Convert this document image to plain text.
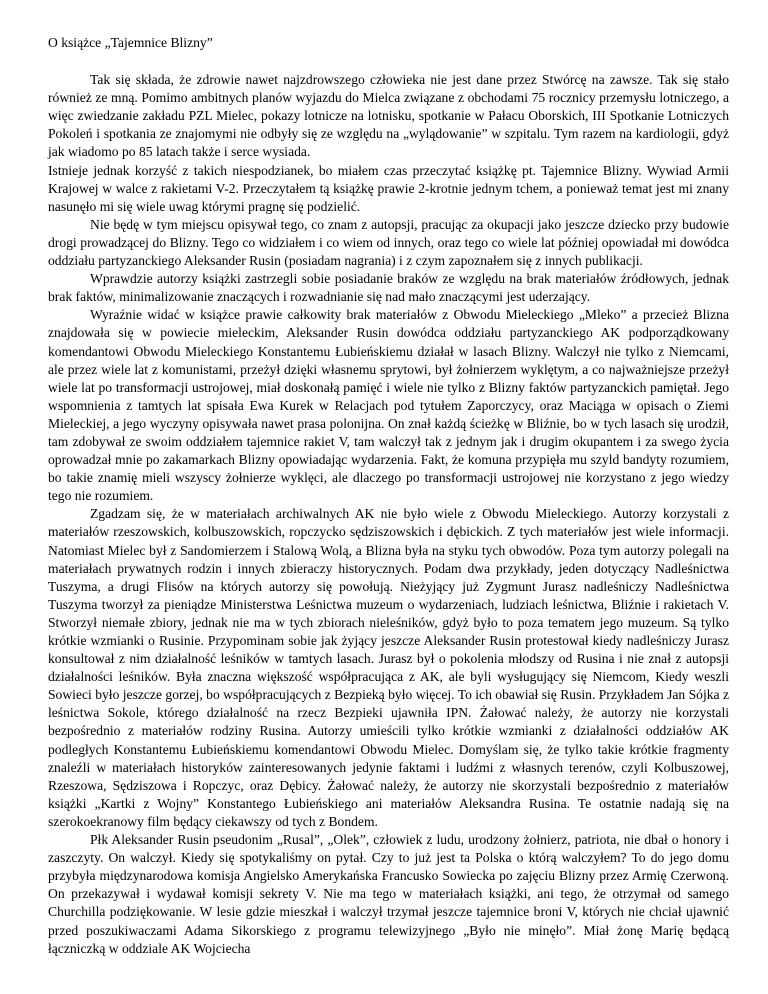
O książce „Tajemnice Blizny”

Tak się składa, że zdrowie nawet najzdrowszego człowieka nie jest dane przez Stwórcę na zawsze. Tak się stało również ze mną. Pomimo ambitnych planów wyjazdu do Mielca związane z obchodami 75 rocznicy przemysłu lotniczego, a więc zwiedzanie zakładu PZL Mielec, pokazy lotnicze na lotnisku, spotkanie w Pałacu Oborskich, III Spotkanie Lotniczych Pokoleń i spotkania ze znajomymi nie odbyły się ze względu na „wylądowanie” w szpitalu. Tym razem na kardiologii, gdyż jak wiadomo po 85 latach także i serce wysiada.

Istnieje jednak korzyść z takich niespodzianek, bo miałem czas przeczytać książkę pt. Tajemnice Blizny. Wywiad Armii Krajowej w walce z rakietami V-2. Przeczytałem tą książkę prawie 2-krotnie jednym tchem, a ponieważ temat jest mi znany nasunęło mi się wiele uwag którymi pragnę się podzielić.

Nie będę w tym miejscu opisywał tego, co znam z autopsji, pracując za okupacji jako jeszcze dziecko przy budowie drogi prowadzącej do Blizny. Tego co widziałem i co wiem od innych, oraz tego co wiele lat później opowiadał mi dowódca oddziału partyzanckiego Aleksander Rusin (posiadam nagrania) i z czym zapoznałem się z innych publikacji.

Wprawdzie autorzy książki zastrzegli sobie posiadanie braków ze względu na brak materiałów źródłowych, jednak brak faktów, minimalizowanie znaczących i rozwadnianie się nad mało znaczącymi jest uderzający.

Wyraźnie widać w książce prawie całkowity brak materiałów z Obwodu Mieleckiego „Mleko” a przecież Blizna znajdowała się w powiecie mieleckim, Aleksander Rusin dowódca oddziału partyzanckiego AK podporządkowany komendantowi Obwodu Mieleckiego Konstantemu Łubieńskiemu działał w lasach Blizny. Walczył nie tylko z Niemcami, ale przez wiele lat z komunistami, przeżył dzięki własnemu sprytowi, był żołnierzem wyklętym, a co najważniejsze przeżył wiele lat po transformacji ustrojowej, miał doskonałą pamięć i wiele nie tylko z Blizny faktów partyzanckich pamiętał. Jego wspomnienia z tamtych lat spisała Ewa Kurek w Relacjach pod tytułem Zaporczycy, oraz Maciąga w opisach o Ziemi Mieleckiej, a jego wyczyny opisywała nawet prasa polonijna. On znał każdą ścieżkę w Bliźnie, bo w tych lasach się urodził, tam zdobywał ze swoim oddziałem tajemnice rakiet V, tam walczył tak z jednym jak i drugim okupantem i za swego życia oprowadzał mnie po zakamarkach Blizny opowiadając wydarzenia. Fakt, że komuna przypięła mu szyld bandyty rozumiem, bo takie znamię mieli wszyscy żołnierze wyklęci, ale dlaczego po transformacji ustrojowej nie korzystano z jego wiedzy tego nie rozumiem.

Zgadzam się, że w materiałach archiwalnych AK nie było wiele z Obwodu Mieleckiego. Autorzy korzystali z materiałów rzeszowskich, kolbuszowskich, ropczycko sędziszowskich i dębickich. Z tych materiałów jest wiele informacji. Natomiast Mielec był z Sandomierzem i Stalową Wolą, a Blizna była na styku tych obwodów. Poza tym autorzy polegali na materiałach prywatnych rodzin i innych zbieraczy historycznych. Podam dwa przykłady, jeden dotyczący Nadleśnictwa Tuszyma, a drugi Flisów na których autorzy się powołują. Nieżyjący już Zygmunt Jurasz nadleśniczy Nadleśnictwa Tuszyma tworzył za pieniądze Ministerstwa Leśnictwa muzeum o wydarzeniach, ludziach leśnictwa, Bliźnie i rakietach V. Stworzył niemałe zbiory, jednak nie ma w tych zbiorach nieleśników, gdyż było to poza tematem jego muzeum. Są tylko krótkie wzmianki o Rusinie. Przypominam sobie jak żyjący jeszcze Aleksander Rusin protestował kiedy nadleśniczy Jurasz konsultował z nim działalność leśników w tamtych lasach. Jurasz był o pokolenia młodszy od Rusina i nie znał z autopsji działalności leśników. Była znaczna większość współpracująca z AK, ale byli wysługujący się Niemcom, Kiedy weszli Sowieci było jeszcze gorzej, bo współpracujących z Bezpieką było więcej. To ich obawiał się Rusin. Przykładem Jan Sójka z leśnictwa Sokole, którego działalność na rzecz Bezpieki ujawniła IPN. Żałować należy, że autorzy nie korzystali bezpośrednio z materiałów rodziny Rusina. Autorzy umieścili tylko krótkie wzmianki z działalności oddziałów AK podległych Konstantemu Łubieńskiemu komendantowi Obwodu Mielec. Domyślam się, że tylko takie krótkie fragmenty znaleźli w materiałach historyków zainteresowanych jedynie faktami i ludźmi z własnych terenów, czyli Kolbuszowej, Rzeszowa, Sędziszowa i Ropczyc, oraz Dębicy. Żałować należy, że autorzy nie skorzystali bezpośrednio z materiałów książki „Kartki z Wojny” Konstantego Łubieńskiego ani materiałów Aleksandra Rusina. Te ostatnie nadają się na szerokoekranowy film będący ciekawszy od tych z Bondem.

Płk Aleksander Rusin pseudonim „Rusal”, „Olek”, człowiek z ludu, urodzony żołnierz, patriota, nie dbał o honory i zaszczyty. On walczył. Kiedy się spotykaliśmy on pytał. Czy to już jest ta Polska o którą walczyłem? To do jego domu przybyła międzynarodowa komisja Angielsko Amerykańska Francusko Sowiecka po zajęciu Blizny przez Armię Czerwoną. On przekazywał i wydawał komisji sekrety V. Nie ma tego w materiałach książki, ani tego, że otrzymał od samego Churchilla podziękowanie. W lesie gdzie mieszkał i walczył trzymał jeszcze tajemnice broni V, których nie chciał ujawnić przed poszukiwaczami Adama Sikorskiego z programu telewizyjnego „Było nie minęło”. Miał żonę Marię będącą łączniczką w oddziale AK Wojciecha
